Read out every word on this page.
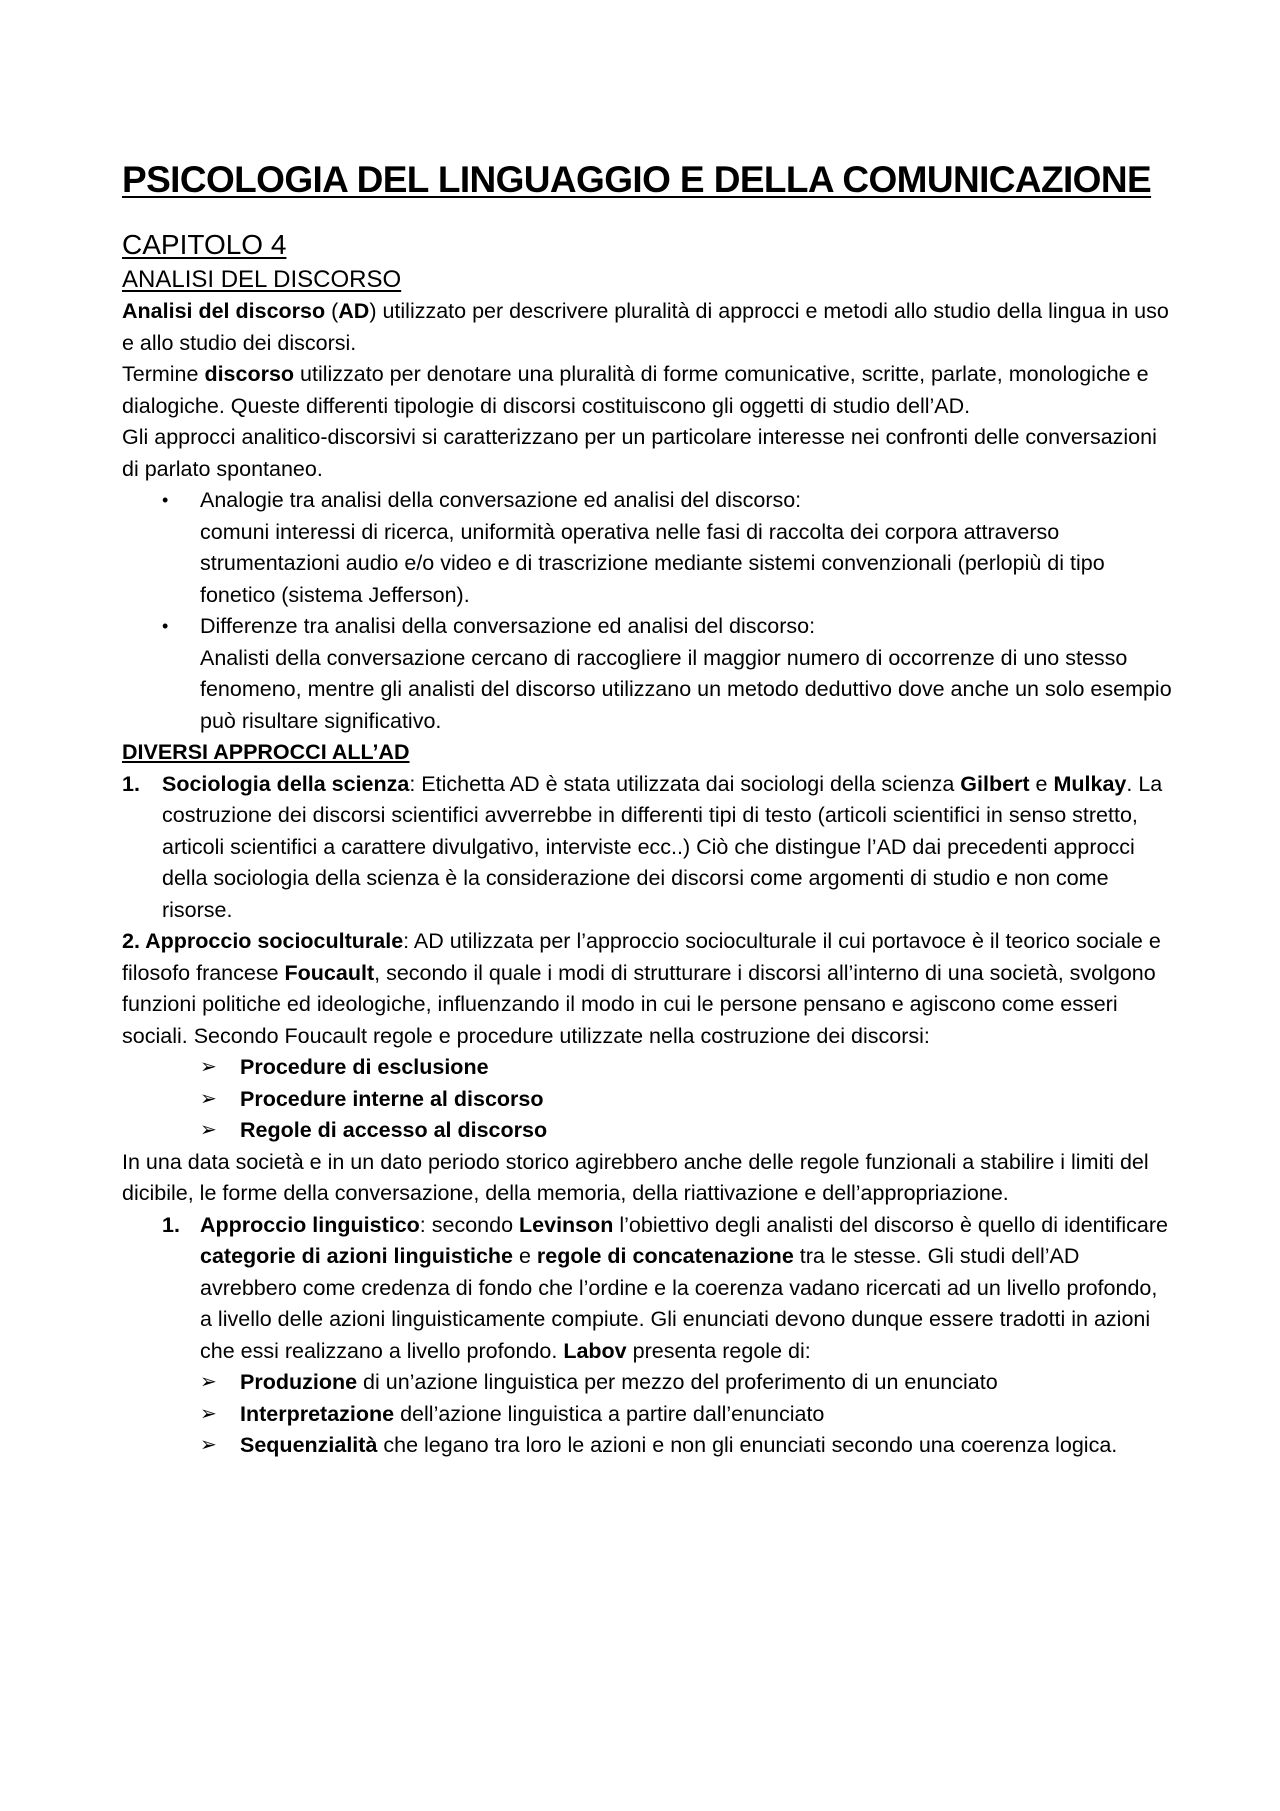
PSICOLOGIA DEL LINGUAGGIO E DELLA COMUNICAZIONE
CAPITOLO 4
ANALISI DEL DISCORSO

Analisi del discorso (AD) utilizzato per descrivere pluralità di approcci e metodi allo studio della lingua in uso e allo studio dei discorsi.

Termine discorso utilizzato per denotare una pluralità di forme comunicative, scritte, parlate, monologiche e dialogiche. Queste differenti tipologie di discorsi costituiscono gli oggetti di studio dell’AD.

Gli approcci analitico-discorsivi si caratterizzano per un particolare interesse nei confronti delle conversazioni di parlato spontaneo.

• Analogie tra analisi della conversazione ed analisi del discorso:
comuni interessi di ricerca, uniformità operativa nelle fasi di raccolta dei corpora attraverso strumentazioni audio e/o video e di trascrizione mediante sistemi convenzionali (perlopiù di tipo fonetico (sistema Jefferson).
• Differenze tra analisi della conversazione ed analisi del discorso:
Analisti della conversazione cercano di raccogliere il maggior numero di occorrenze di uno stesso fenomeno, mentre gli analisti del discorso utilizzano un metodo deduttivo dove anche un solo esempio può risultare significativo.

DIVERSI APPROCCI ALL’AD

1. Sociologia della scienza: Etichetta AD è stata utilizzata dai sociologi della scienza Gilbert e Mulkay. La costruzione dei discorsi scientifici avverrebbe in differenti tipi di testo (articoli scientifici in senso stretto, articoli scientifici a carattere divulgativo, interviste ecc..) Ciò che distingue l’AD dai precedenti approcci della sociologia della scienza è la considerazione dei discorsi come argomenti di studio e non come risorse.

2. Approccio socioculturale: AD utilizzata per l’approccio socioculturale il cui portavoce è il teorico sociale e filosofo francese Foucault, secondo il quale i modi di strutturare i discorsi all’interno di una società, svolgono funzioni politiche ed ideologiche, influenzando il modo in cui le persone pensano e agiscono come esseri sociali. Secondo Foucault regole e procedure utilizzate nella costruzione dei discorsi:

➢ Procedure di esclusione
➢ Procedure interne al discorso
➢ Regole di accesso al discorso

In una data società e in un dato periodo storico agirebbero anche delle regole funzionali a stabilire i limiti del dicibile, le forme della conversazione, della memoria, della riattivazione e dell’appropriazione.

1. Approccio linguistico: secondo Levinson l’obiettivo degli analisti del discorso è quello di identificare categorie di azioni linguistiche e regole di concatenazione tra le stesse. Gli studi dell’AD avrebbero come credenza di fondo che l’ordine e la coerenza vadano ricercati ad un livello profondo, a livello delle azioni linguisticamente compiute. Gli enunciati devono dunque essere tradotti in azioni che essi realizzano a livello profondo. Labov presenta regole di:
➢ Produzione di un’azione linguistica per mezzo del proferimento di un enunciato
➢ Interpretazione dell’azione linguistica a partire dall’enunciato
➢ Sequenzialità che legano tra loro le azioni e non gli enunciati secondo una coerenza logica.
